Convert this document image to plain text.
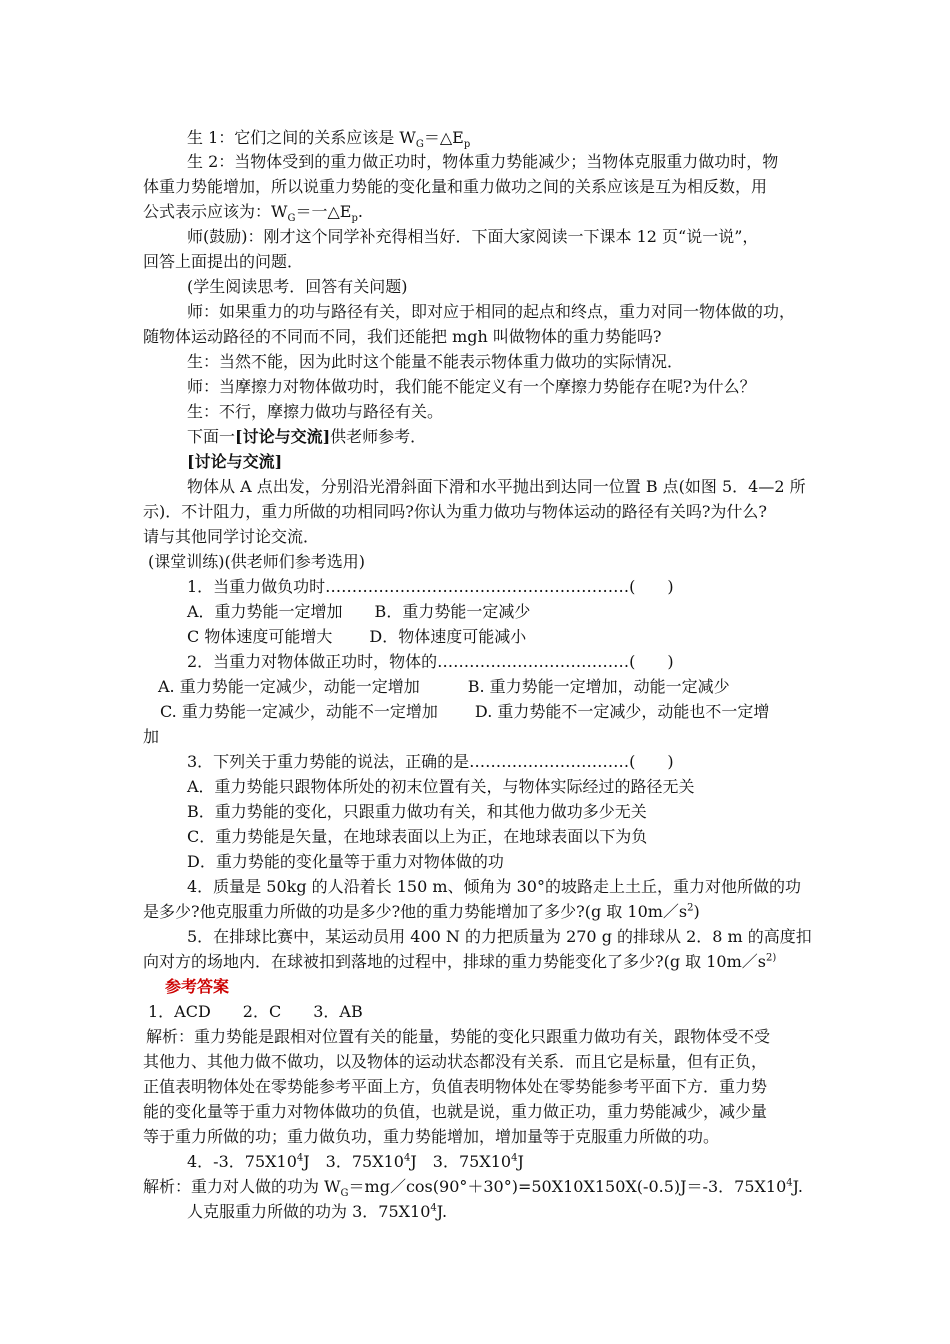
生 1：它们之间的关系应该是 $W_G=\triangle E_p$
生 2：当物体受到的重力做正功时，物体重力势能减少；当物体克服重力做功时，物
体重力势能增加，所以说重力势能的变化量和重力做功之间的关系应该是互为相反数，用
公式表示应该为：$W_G=$一$\triangle E_p$.
师(鼓励)：刚才这个同学补充得相当好．下面大家阅读一下课本 12 页“说一说”，
回答上面提出的问题．
(学生阅读思考．回答有关问题)
师：如果重力的功与路径有关，即对应于相同的起点和终点，重力对同一物体做的功，
随物体运动路径的不同而不同，我们还能把 mgh 叫做物体的重力势能吗?
生：当然不能，因为此时这个能量不能表示物体重力做功的实际情况．
师：当摩擦力对物体做功时，我们能不能定义有一个摩擦力势能存在呢?为什么？
生：不行，摩擦力做功与路径有关。
下面一[讨论与交流]供老师参考．
[讨论与交流]
物体从 A 点出发，分别沿光滑斜面下滑和水平抛出到达同一位置 B 点(如图 5．4—2 所
示)．不计阻力，重力所做的功相同吗?你认为重力做功与物体运动的路径有关吗?为什么?
请与其他同学讨论交流．
(课堂训练)(供老师们参考选用)
1．当重力做负功时…………………………………………………(　　)
A．重力势能一定增加　　B．重力势能一定减少
C 物体速度可能增大　　 D．物体速度可能减小
2．当重力对物体做正功时，物体的………………………………(　　)
A. 重力势能一定减少，动能一定增加　　　B. 重力势能一定增加，动能一定减少
C. 重力势能一定减少，动能不一定增加　　 D. 重力势能不一定减少，动能也不一定增
加
3．下列关于重力势能的说法，正确的是…………………………(　　)
A．重力势能只跟物体所处的初末位置有关，与物体实际经过的路径无关
B．重力势能的变化，只跟重力做功有关，和其他力做功多少无关
C．重力势能是矢量，在地球表面以上为正，在地球表面以下为负
D．重力势能的变化量等于重力对物体做的功
4．质量是 50kg 的人沿着长 150 m、倾角为 30°的坡路走上土丘，重力对他所做的功
是多少?他克服重力所做的功是多少?他的重力势能增加了多少?(g 取 $10m/s^2$)
5．在排球比赛中，某运动员用 400 N 的力把质量为 270 g 的排球从 2．8 m 的高度扣
向对方的场地内．在球被扣到落地的过程中，排球的重力势能变化了多少?(g 取 $10m/s^{2)}$
参考答案
1．ACD　　2．C　　3．AB
解析：重力势能是跟相对位置有关的能量，势能的变化只跟重力做功有关，跟物体受不受
其他力、其他力做不做功，以及物体的运动状态都没有关系．而且它是标量，但有正负，
正值表明物体处在零势能参考平面上方，负值表明物体处在零势能参考平面下方．重力势
能的变化量等于重力对物体做功的负值，也就是说，重力做正功，重力势能减少，减少量
等于重力所做的功；重力做负功，重力势能增加，增加量等于克服重力所做的功。
4．-3．$75X10^4J$　3．$75X10^4J$　3．$75X10^4J$
解析：重力对人做的功为 $W_G=mg/\cos(90^\circ+30^\circ)=50X10X150X(-0.5)J=-3$．$75X10^4J$.
人克服重力所做的功为 3．$75X10^4J$.
